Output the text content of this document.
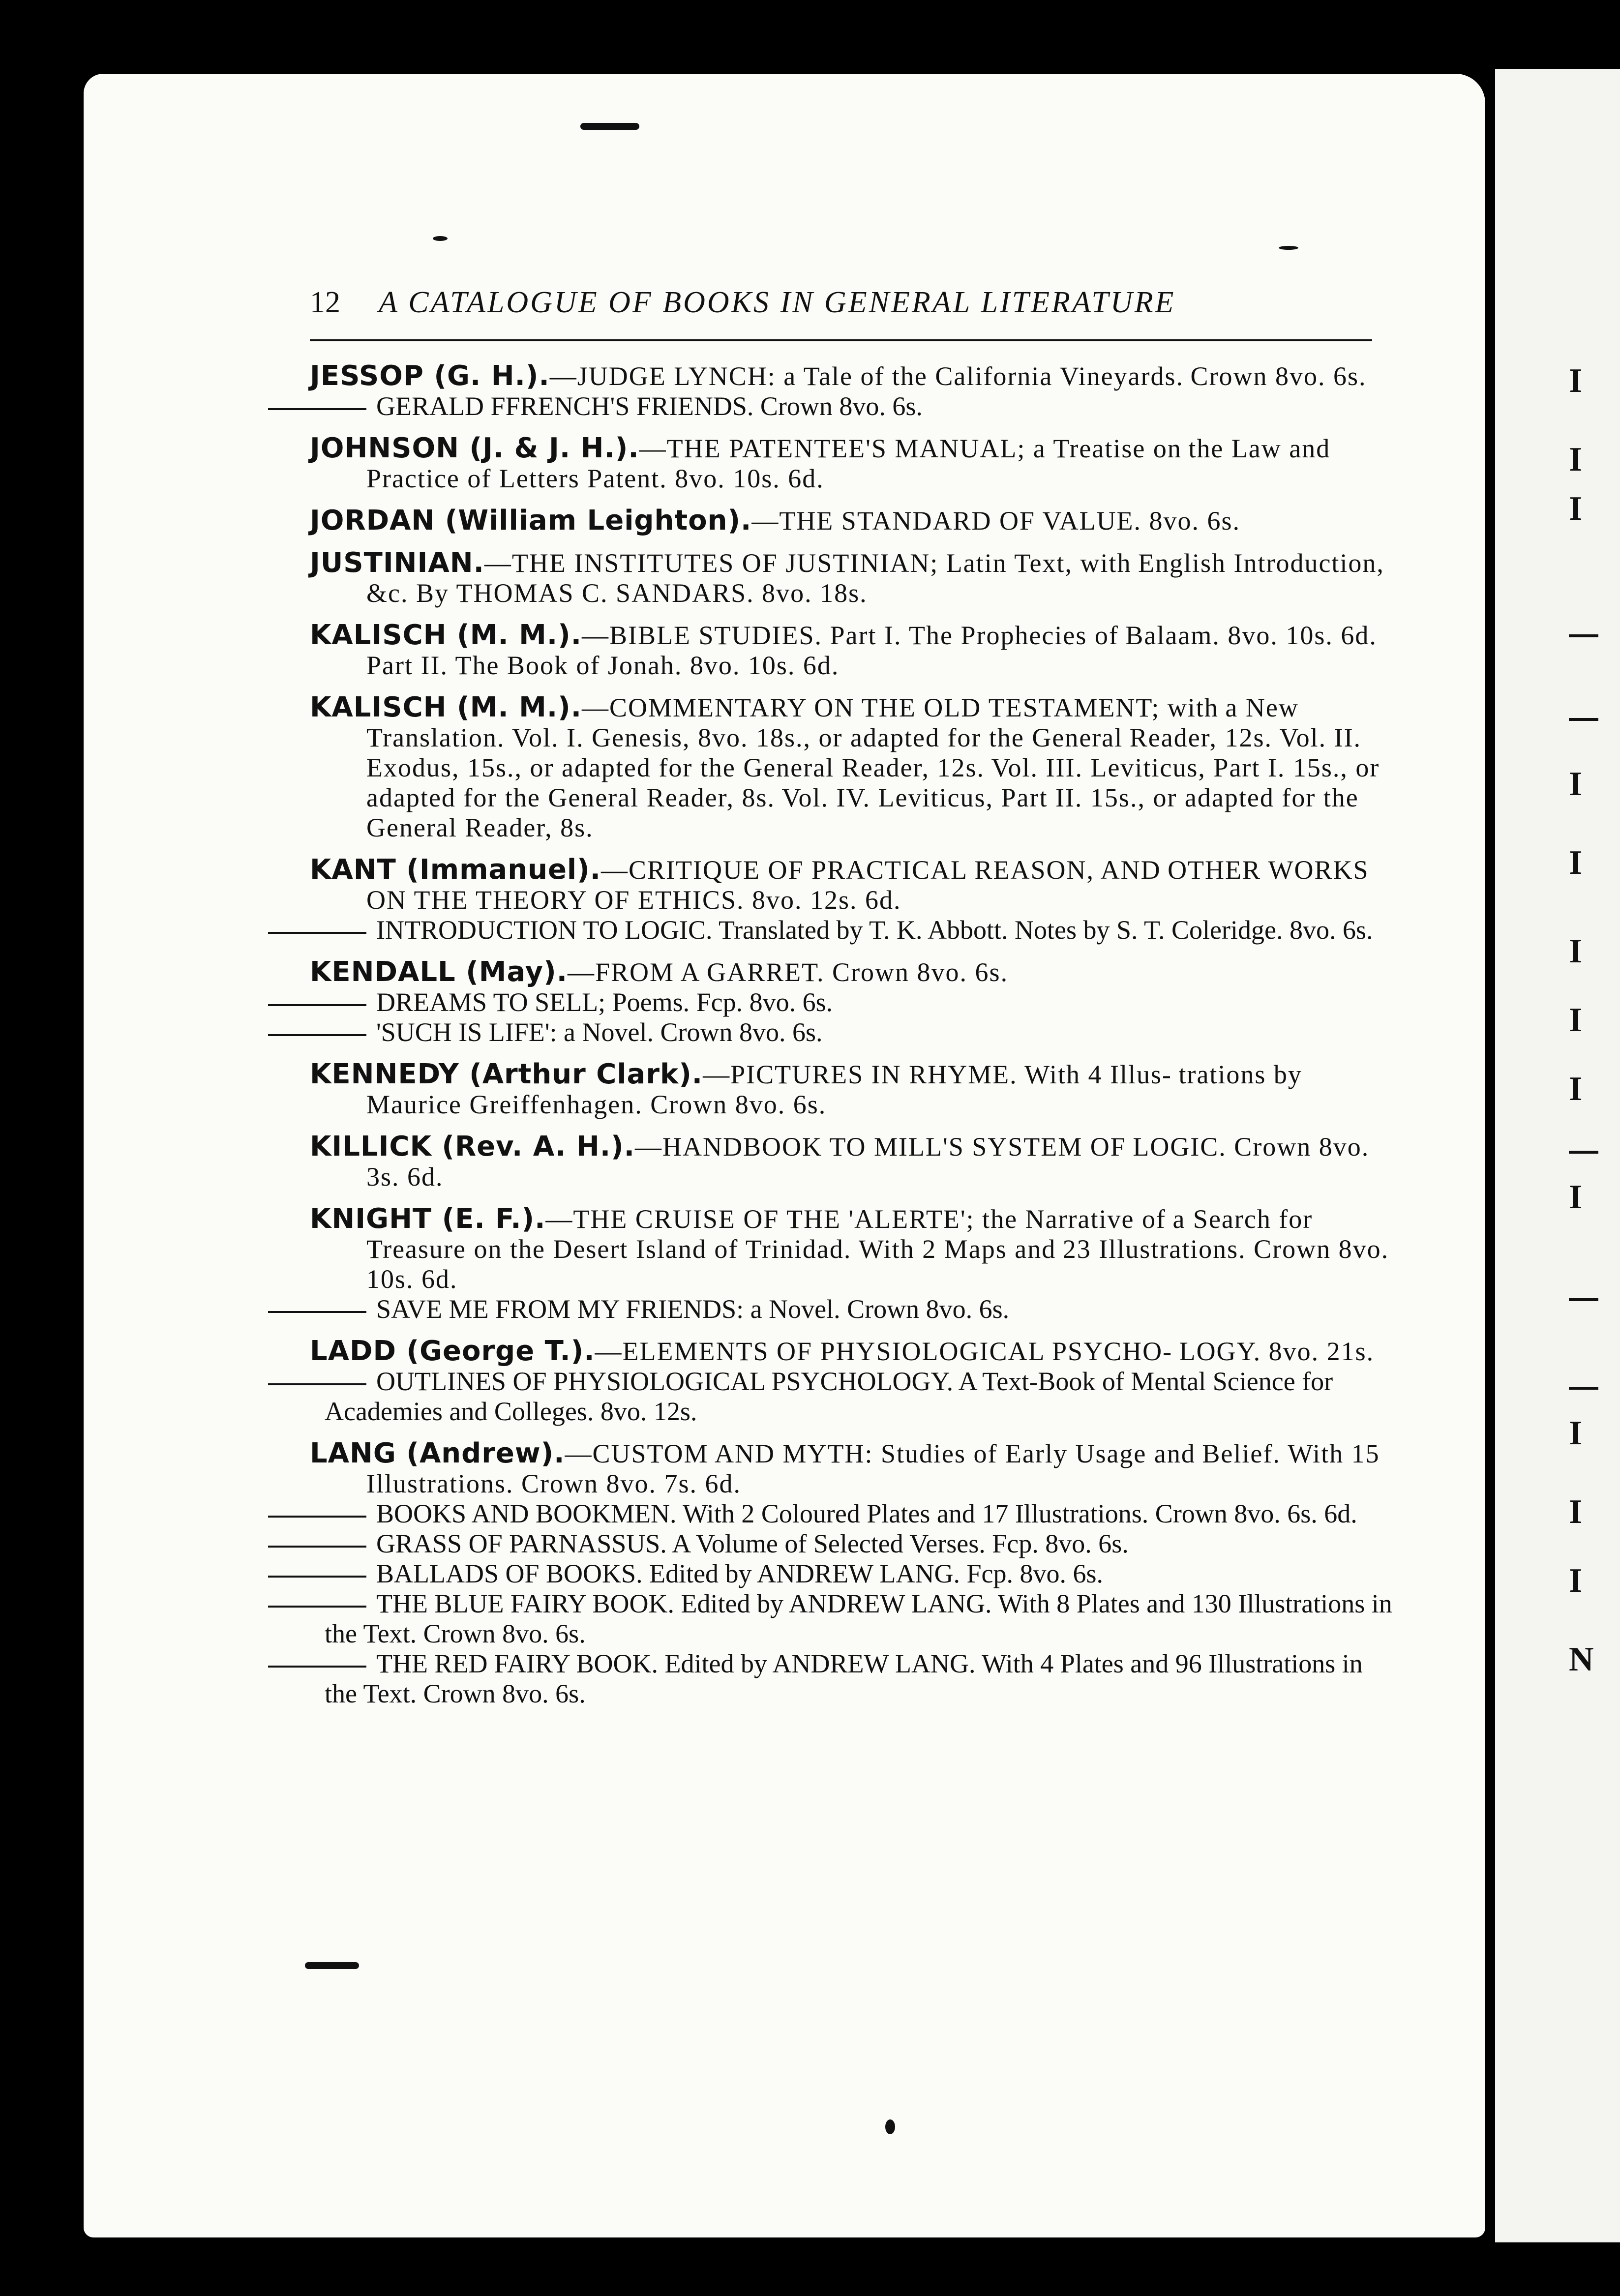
I
I
I
I
I
I
I
I
I
I
I
I
N
12	A CATALOGUE OF BOOKS IN GENERAL LITERATURE
JESSOP (G. H.).—JUDGE LYNCH: a Tale of the California Vineyards. Crown 8vo. 6s.
GERALD FFRENCH'S FRIENDS. Crown 8vo. 6s.
JOHNSON (J. & J. H.).—THE PATENTEE'S MANUAL; a Treatise on the Law and Practice of Letters Patent. 8vo. 10s. 6d.
JORDAN (William Leighton).—THE STANDARD OF VALUE. 8vo. 6s.
JUSTINIAN.—THE INSTITUTES OF JUSTINIAN; Latin Text, with English Introduction, &c. By THOMAS C. SANDARS. 8vo. 18s.
KALISCH (M. M.).—BIBLE STUDIES. Part I. The Prophecies of Balaam. 8vo. 10s. 6d. Part II. The Book of Jonah. 8vo. 10s. 6d.
KALISCH (M. M.).—COMMENTARY ON THE OLD TESTAMENT; with a New Translation. Vol. I. Genesis, 8vo. 18s., or adapted for the General Reader, 12s. Vol. II. Exodus, 15s., or adapted for the General Reader, 12s. Vol. III. Leviticus, Part I. 15s., or adapted for the General Reader, 8s. Vol. IV. Leviticus, Part II. 15s., or adapted for the General Reader, 8s.
KANT (Immanuel).—CRITIQUE OF PRACTICAL REASON, AND OTHER WORKS ON THE THEORY OF ETHICS. 8vo. 12s. 6d.
INTRODUCTION TO LOGIC. Translated by T. K. Abbott. Notes by S. T. Coleridge. 8vo. 6s.
KENDALL (May).—FROM A GARRET. Crown 8vo. 6s.
DREAMS TO SELL; Poems. Fcp. 8vo. 6s.
'SUCH IS LIFE': a Novel. Crown 8vo. 6s.
KENNEDY (Arthur Clark).—PICTURES IN RHYME. With 4 Illus- trations by Maurice Greiffenhagen. Crown 8vo. 6s.
KILLICK (Rev. A. H.).—HANDBOOK TO MILL'S SYSTEM OF LOGIC. Crown 8vo. 3s. 6d.
KNIGHT (E. F.).—THE CRUISE OF THE 'ALERTE'; the Narrative of a Search for Treasure on the Desert Island of Trinidad. With 2 Maps and 23 Illustrations. Crown 8vo. 10s. 6d.
SAVE ME FROM MY FRIENDS: a Novel. Crown 8vo. 6s.
LADD (George T.).—ELEMENTS OF PHYSIOLOGICAL PSYCHO- LOGY. 8vo. 21s.
OUTLINES OF PHYSIOLOGICAL PSYCHOLOGY. A Text-Book of Mental Science for Academies and Colleges. 8vo. 12s.
LANG (Andrew).—CUSTOM AND MYTH: Studies of Early Usage and Belief. With 15 Illustrations. Crown 8vo. 7s. 6d.
BOOKS AND BOOKMEN. With 2 Coloured Plates and 17 Illustrations. Crown 8vo. 6s. 6d.
GRASS OF PARNASSUS. A Volume of Selected Verses. Fcp. 8vo. 6s.
BALLADS OF BOOKS. Edited by ANDREW LANG. Fcp. 8vo. 6s.
THE BLUE FAIRY BOOK. Edited by ANDREW LANG. With 8 Plates and 130 Illustrations in the Text. Crown 8vo. 6s.
THE RED FAIRY BOOK. Edited by ANDREW LANG. With 4 Plates and 96 Illustrations in the Text. Crown 8vo. 6s.
